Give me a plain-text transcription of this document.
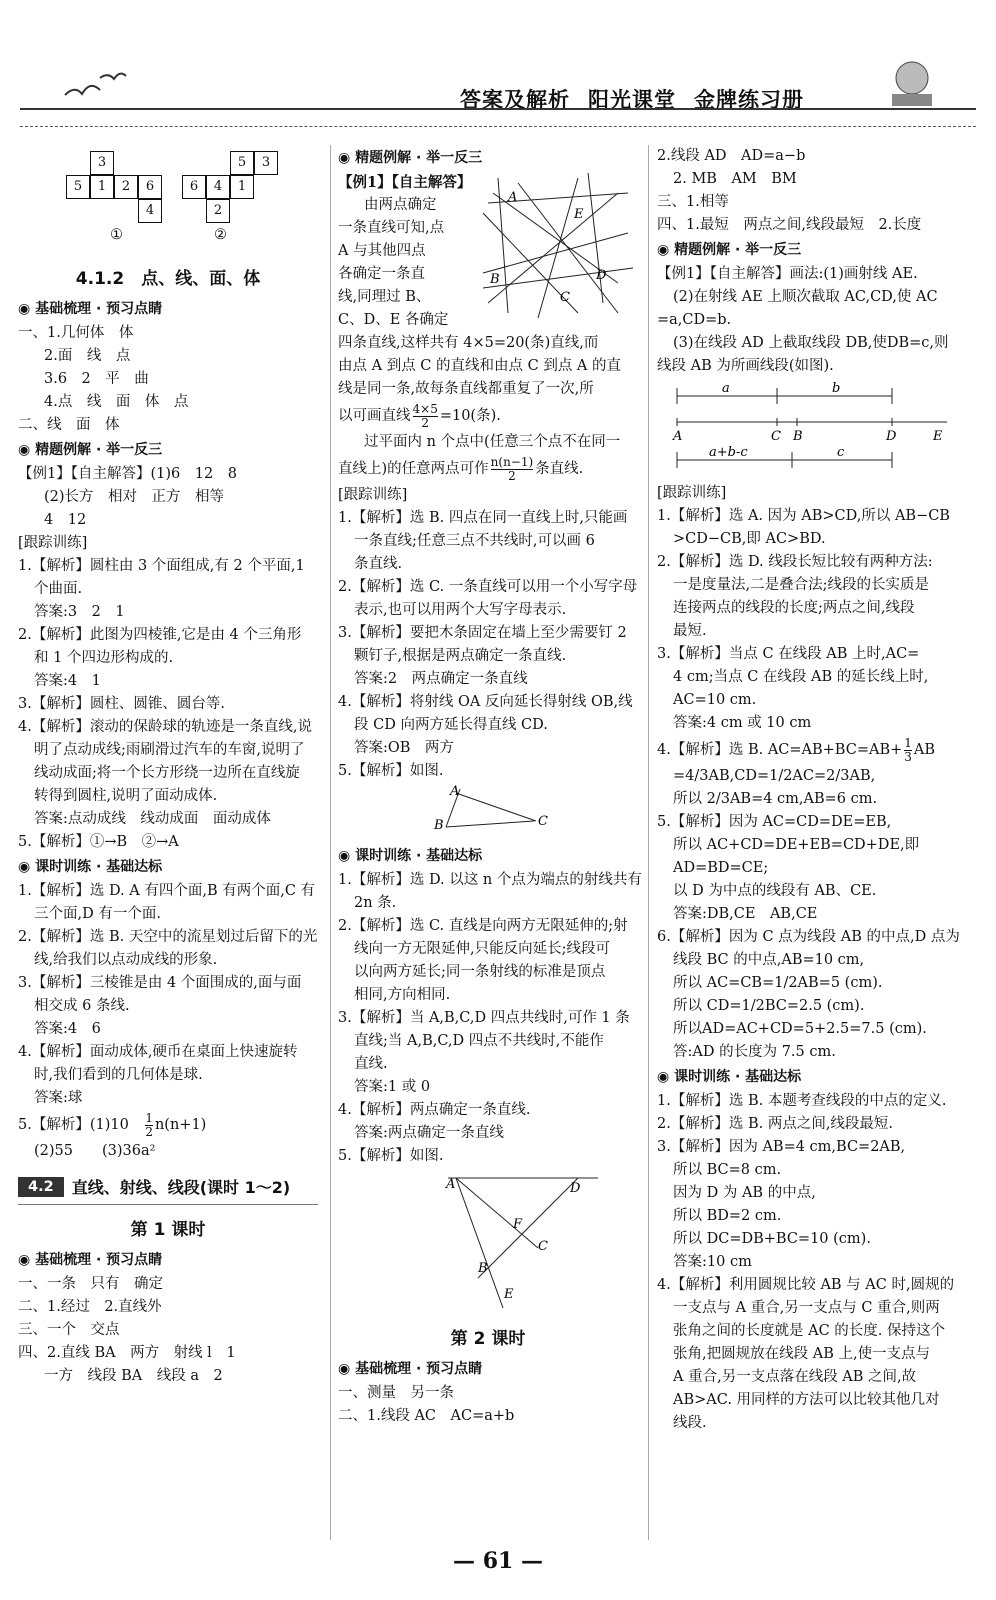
答案及解析 阳光课堂 金牌练习册
3
5	1	2	6
4
5	3
6	4	1
2
①	②
4.1.2　点、线、面、体
◉ 基础梳理 · 预习点睛
一、1.几何体　体
2.面　线　点
3.6　2　平　曲
4.点　线　面　体　点
二、线　面　体
◉ 精题例解 · 举一反三
【例1】【自主解答】(1)6　12　8
(2)长方　相对　正方　相等
4　12
[跟踪训练]
1.【解析】圆柱由 3 个面组成,有 2 个平面,1
个曲面.
答案:3　2　1
2.【解析】此图为四棱锥,它是由 4 个三角形
和 1 个四边形构成的.
答案:4　1
3.【解析】圆柱、圆锥、圆台等.
4.【解析】滚动的保龄球的轨迹是一条直线,说
明了点动成线;雨刷滑过汽车的车窗,说明了
线动成面;将一个长方形绕一边所在直线旋
转得到圆柱,说明了面动成体.
答案:点动成线　线动成面　面动成体
5.【解析】①→B　②→A
◉ 课时训练 · 基础达标
1.【解析】选 D. A 有四个面,B 有两个面,C 有
三个面,D 有一个面.
2.【解析】选 B. 天空中的流星划过后留下的光
线,给我们以点动成线的形象.
3.【解析】三棱锥是由 4 个面围成的,面与面
相交成 6 条线.
答案:4　6
4.【解析】面动成体,硬币在桌面上快速旋转
时,我们看到的几何体是球.
答案:球
5.【解析】(1)10　 $\frac{1}{2} n(n+1)$
(2)55　　(3)36a²
4.2	直线、射线、线段(课时 1～2)
第 1 课时
◉ 基础梳理 · 预习点睛
一、一条　只有　确定
二、1.经过　2.直线外
三、一个　交点
四、2.直线 BA　两方　射线 l　1
一方　线段 BA　线段 a　2
◉ 精题例解 · 举一反三
【例1】【自主解答】
A
E
B	D
C
由两点确定
一条直线可知,点
A 与其他四点
各确定一条直
线,同理过 B、
C、D、E 各确定
四条直线,这样共有 4×5=20(条)直线,而
由点 A 到点 C 的直线和由点 C 到点 A 的直
线是同一条,故每条直线都重复了一次,所
以可画直线 $\frac{4\times 5}{2} =10$(条).
过平面内 n 个点中(任意三个点不在同一
直线上)的任意两点可作 $\frac{n(n-1)}{2}$ 条直线.
[跟踪训练]
1.【解析】选 B. 四点在同一直线上时,只能画
一条直线;任意三点不共线时,可以画 6
条直线.
2.【解析】选 C. 一条直线可以用一个小写字母
表示,也可以用两个大写字母表示.
3.【解析】要把木条固定在墙上至少需要钉 2
颗钉子,根据是两点确定一条直线.
答案:2　两点确定一条直线
4.【解析】将射线 OA 反向延长得射线 OB,线
段 CD 向两方延长得直线 CD.
答案:OB　两方
5.【解析】如图.
A
B	C
◉ 课时训练 · 基础达标
1.【解析】选 D. 以这 n 个点为端点的射线共有
2n 条.
2.【解析】选 C. 直线是向两方无限延伸的;射
线向一方无限延伸,只能反向延长;线段可
以向两方延长;同一条射线的标准是顶点
相同,方向相同.
3.【解析】当 A,B,C,D 四点共线时,可作 1 条
直线;当 A,B,C,D 四点不共线时,不能作
直线.
答案:1 或 0
4.【解析】两点确定一条直线.
答案:两点确定一条直线
5.【解析】如图.
A	D
F
C
B
E
第 2 课时
◉ 基础梳理 · 预习点睛
一、测量　另一条
二、1.线段 AC　AC=a+b
2.线段 AD　AD=a−b
2. MB　AM　BM
三、1.相等
四、1.最短　两点之间,线段最短　2.长度
◉ 精题例解 · 举一反三
【例1】【自主解答】画法:(1)画射线 AE.
(2)在射线 AE 上顺次截取 AC,CD,使 AC
=a,CD=b.
(3)在线段 AD 上截取线段 DB,使DB=c,则
线段 AB 为所画线段(如图).
a	b
A	C B	D	E
a+b-c	c
[跟踪训练]
1.【解析】选 A. 因为 AB>CD,所以 AB−CB
>CD−CB,即 AC>BD.
2.【解析】选 D. 线段长短比较有两种方法:
一是度量法,二是叠合法;线段的长实质是
连接两点的线段的长度;两点之间,线段
最短.
3.【解析】当点 C 在线段 AB 上时,AC=
4 cm;当点 C 在线段 AB 的延长线上时,
AC=10 cm.
答案:4 cm 或 10 cm
4.【解析】选 B. $AC=AB+BC=AB+ \frac{1}{3}$ AB
=4/3AB,CD=1/2AC=2/3AB,
所以 2/3AB=4 cm,AB=6 cm.
5.【解析】因为 AC=CD=DE=EB,
所以 AC+CD=DE+EB=CD+DE,即
AD=BD=CE;
以 D 为中点的线段有 AB、CE.
答案:DB,CE　AB,CE
6.【解析】因为 C 点为线段 AB 的中点,D 点为
线段 BC 的中点,AB=10 cm,
所以 AC=CB=1/2AB=5 (cm).
所以 CD=1/2BC=2.5 (cm).
所以AD=AC+CD=5+2.5=7.5 (cm).
答:AD 的长度为 7.5 cm.
◉ 课时训练 · 基础达标
1.【解析】选 B. 本题考查线段的中点的定义.
2.【解析】选 B. 两点之间,线段最短.
3.【解析】因为 AB=4 cm,BC=2AB,
所以 BC=8 cm.
因为 D 为 AB 的中点,
所以 BD=2 cm.
所以 DC=DB+BC=10 (cm).
答案:10 cm
4.【解析】利用圆规比较 AB 与 AC 时,圆规的
一支点与 A 重合,另一支点与 C 重合,则两
张角之间的长度就是 AC 的长度. 保持这个
张角,把圆规放在线段 AB 上,使一支点与
A 重合,另一支点落在线段 AB 之间,故
AB>AC. 用同样的方法可以比较其他几对
线段.
— 61 —
